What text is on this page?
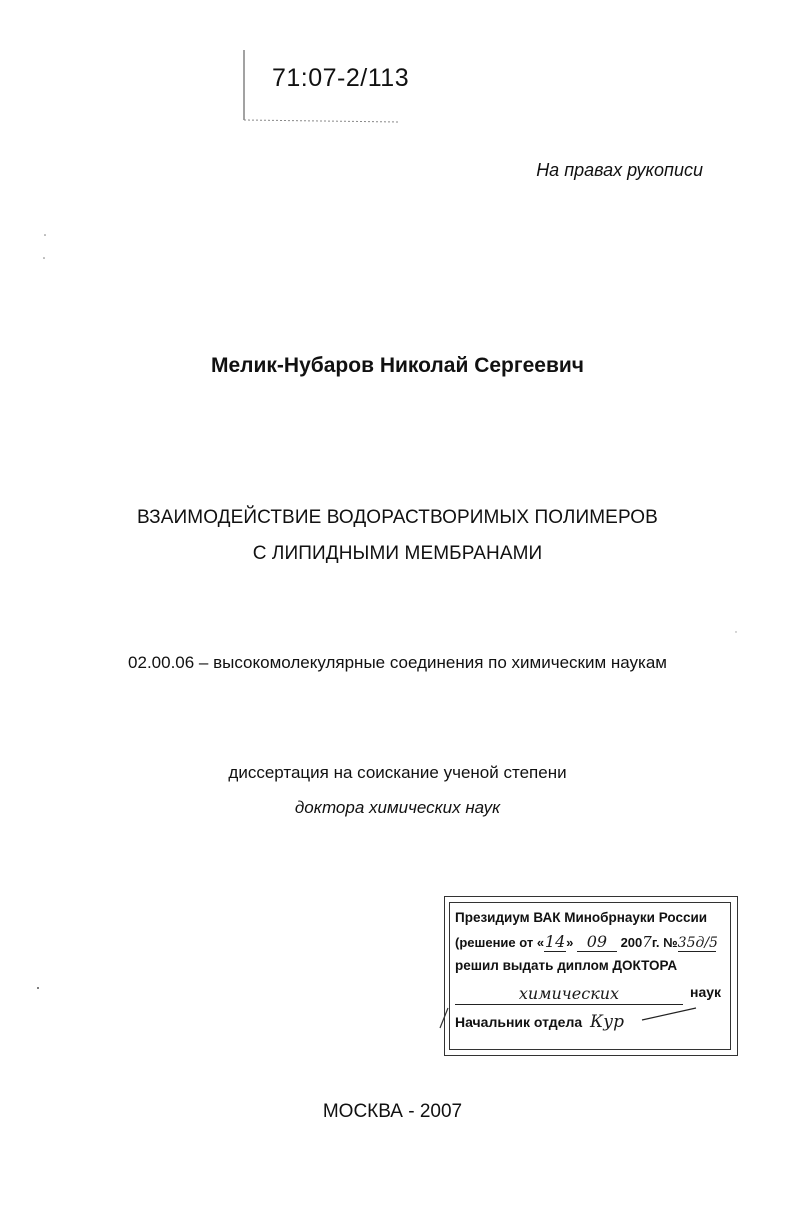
71:07-2/113
На правах рукописи
Мелик-Нубаров Николай Сергеевич
ВЗАИМОДЕЙСТВИЕ ВОДОРАСТВОРИМЫХ ПОЛИМЕРОВ
С ЛИПИДНЫМИ МЕМБРАНАМИ
02.00.06 – высокомолекулярные соединения по химическим наукам
диссертация на соискание ученой степени
доктора химических наук
Президиум ВАК Минобрнауки России
(решение от «14» 09 2007г. №35д/5
решил выдать диплом ДОКТОРА
химических	наук
Начальник отдела Кур
МОСКВА - 2007
